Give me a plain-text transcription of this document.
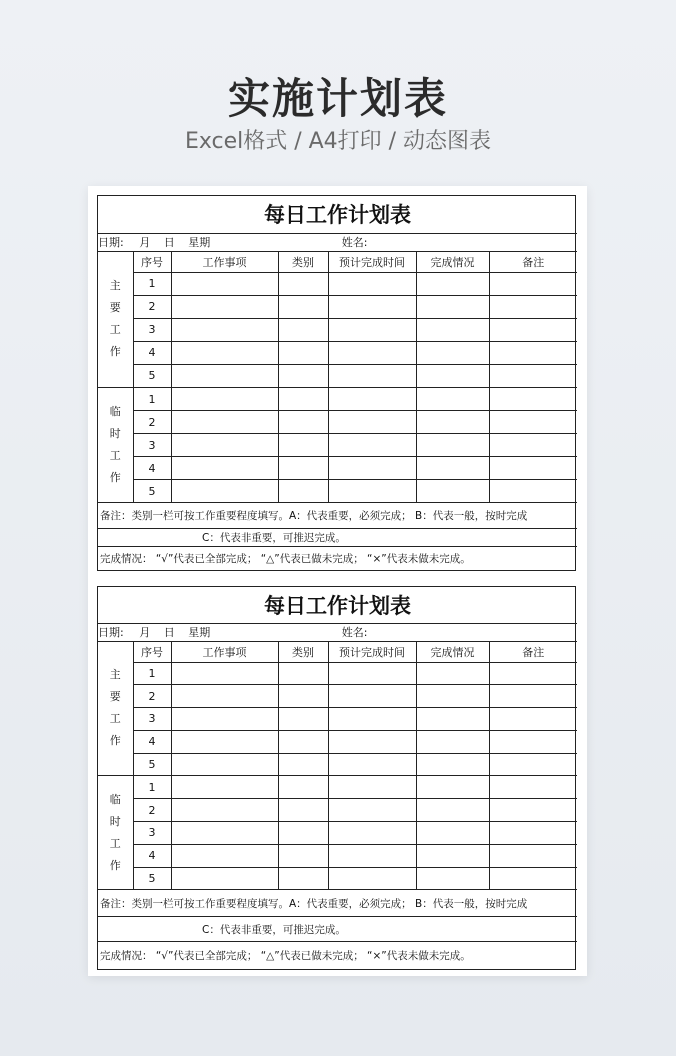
实施计划表
Excel格式 / A4打印 / 动态图表
每日工作计划表						
日期: 月 日 星期 姓名:						
主要工作	序号	工作事项	类别	预计完成时间	完成情况	备注
	1					
	2					
	3					
	4					
	5					
临时工作	1					
	2					
	3					
	4					
	5					
备注：类别一栏可按工作重要程度填写。A：代表重要，必须完成； B：代表一般，按时完成						
C：代表非重要，可推迟完成。						
完成情况： “√”代表已全部完成； “△”代表已做未完成； “×”代表未做未完成。						
每日工作计划表						
日期: 月 日 星期 姓名:						
主要工作	序号	工作事项	类别	预计完成时间	完成情况	备注
	1					
	2					
	3					
	4					
	5					
临时工作	1					
	2					
	3					
	4					
	5					
备注：类别一栏可按工作重要程度填写。A：代表重要，必须完成； B：代表一般，按时完成						
C：代表非重要，可推迟完成。						
完成情况： “√”代表已全部完成； “△”代表已做未完成； “×”代表未做未完成。						
